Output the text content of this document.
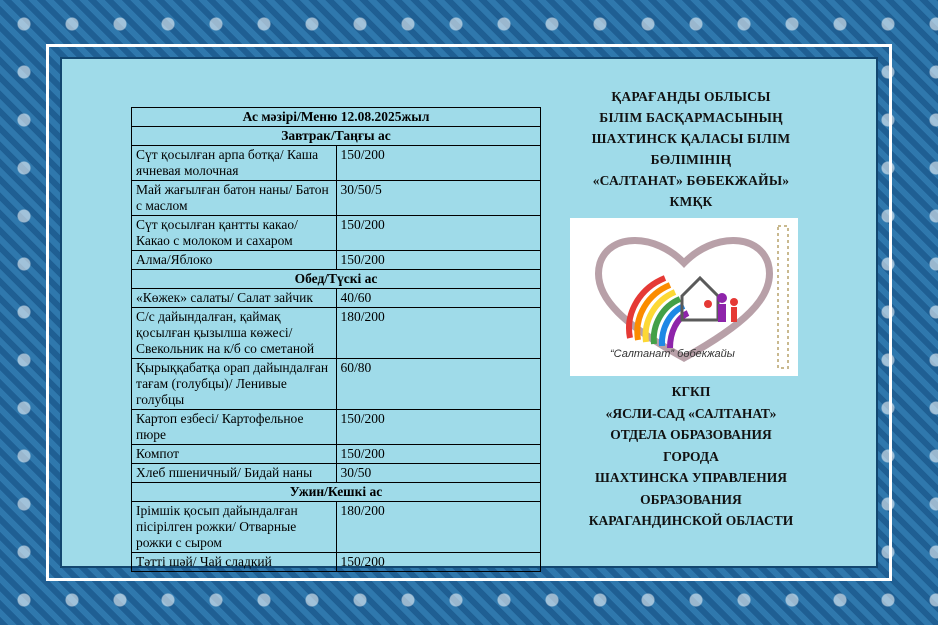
Ас мәзірі/Меню 12.08.2025жыл	
Завтрак/Таңғы ас	
Сүт қосылған арпа ботқа/ Каша ячневая молочная	150/200
Май жағылған батон наны/ Батон с маслом	30/50/5
Сүт қосылған қантты какао/ Какао с молоком и сахаром	150/200
Алма/Яблоко	150/200
Обед/Түскі ас	
«Көжек» салаты/ Салат зайчик	40/60
С/с дайындалған, қаймақ қосылған қызылша көжесі/ Свекольник на к/б со сметаной	180/200
Қырыққабатқа орап дайындалған тағам (голубцы)/ Ленивые голубцы	60/80
Картоп езбесі/ Картофельное пюре	150/200
Компот	150/200
Хлеб пшеничный/ Бидай наны	30/50
Ужин/Кешкі ас	
Ірімшік қосып дайындалған пісірілген рожки/ Отварные рожки с сыром	180/200
Тәтті шәй/ Чай сладкий	150/200
ҚАРАҒАНДЫ ОБЛЫСЫ
БІЛІМ БАСҚАРМАСЫНЫҢ
ШАХТИНСК ҚАЛАСЫ БІЛІМ
БӨЛІМІНІҢ
«САЛТАНАТ» БӨБЕКЖАЙЫ»
КМҚК
“Салтанат” бөбекжайы
КГКП
«ЯСЛИ-САД «САЛТАНАТ»
ОТДЕЛА ОБРАЗОВАНИЯ
ГОРОДА
ШАХТИНСКА УПРАВЛЕНИЯ
ОБРАЗОВАНИЯ
КАРАГАНДИНСКОЙ ОБЛАСТИ
